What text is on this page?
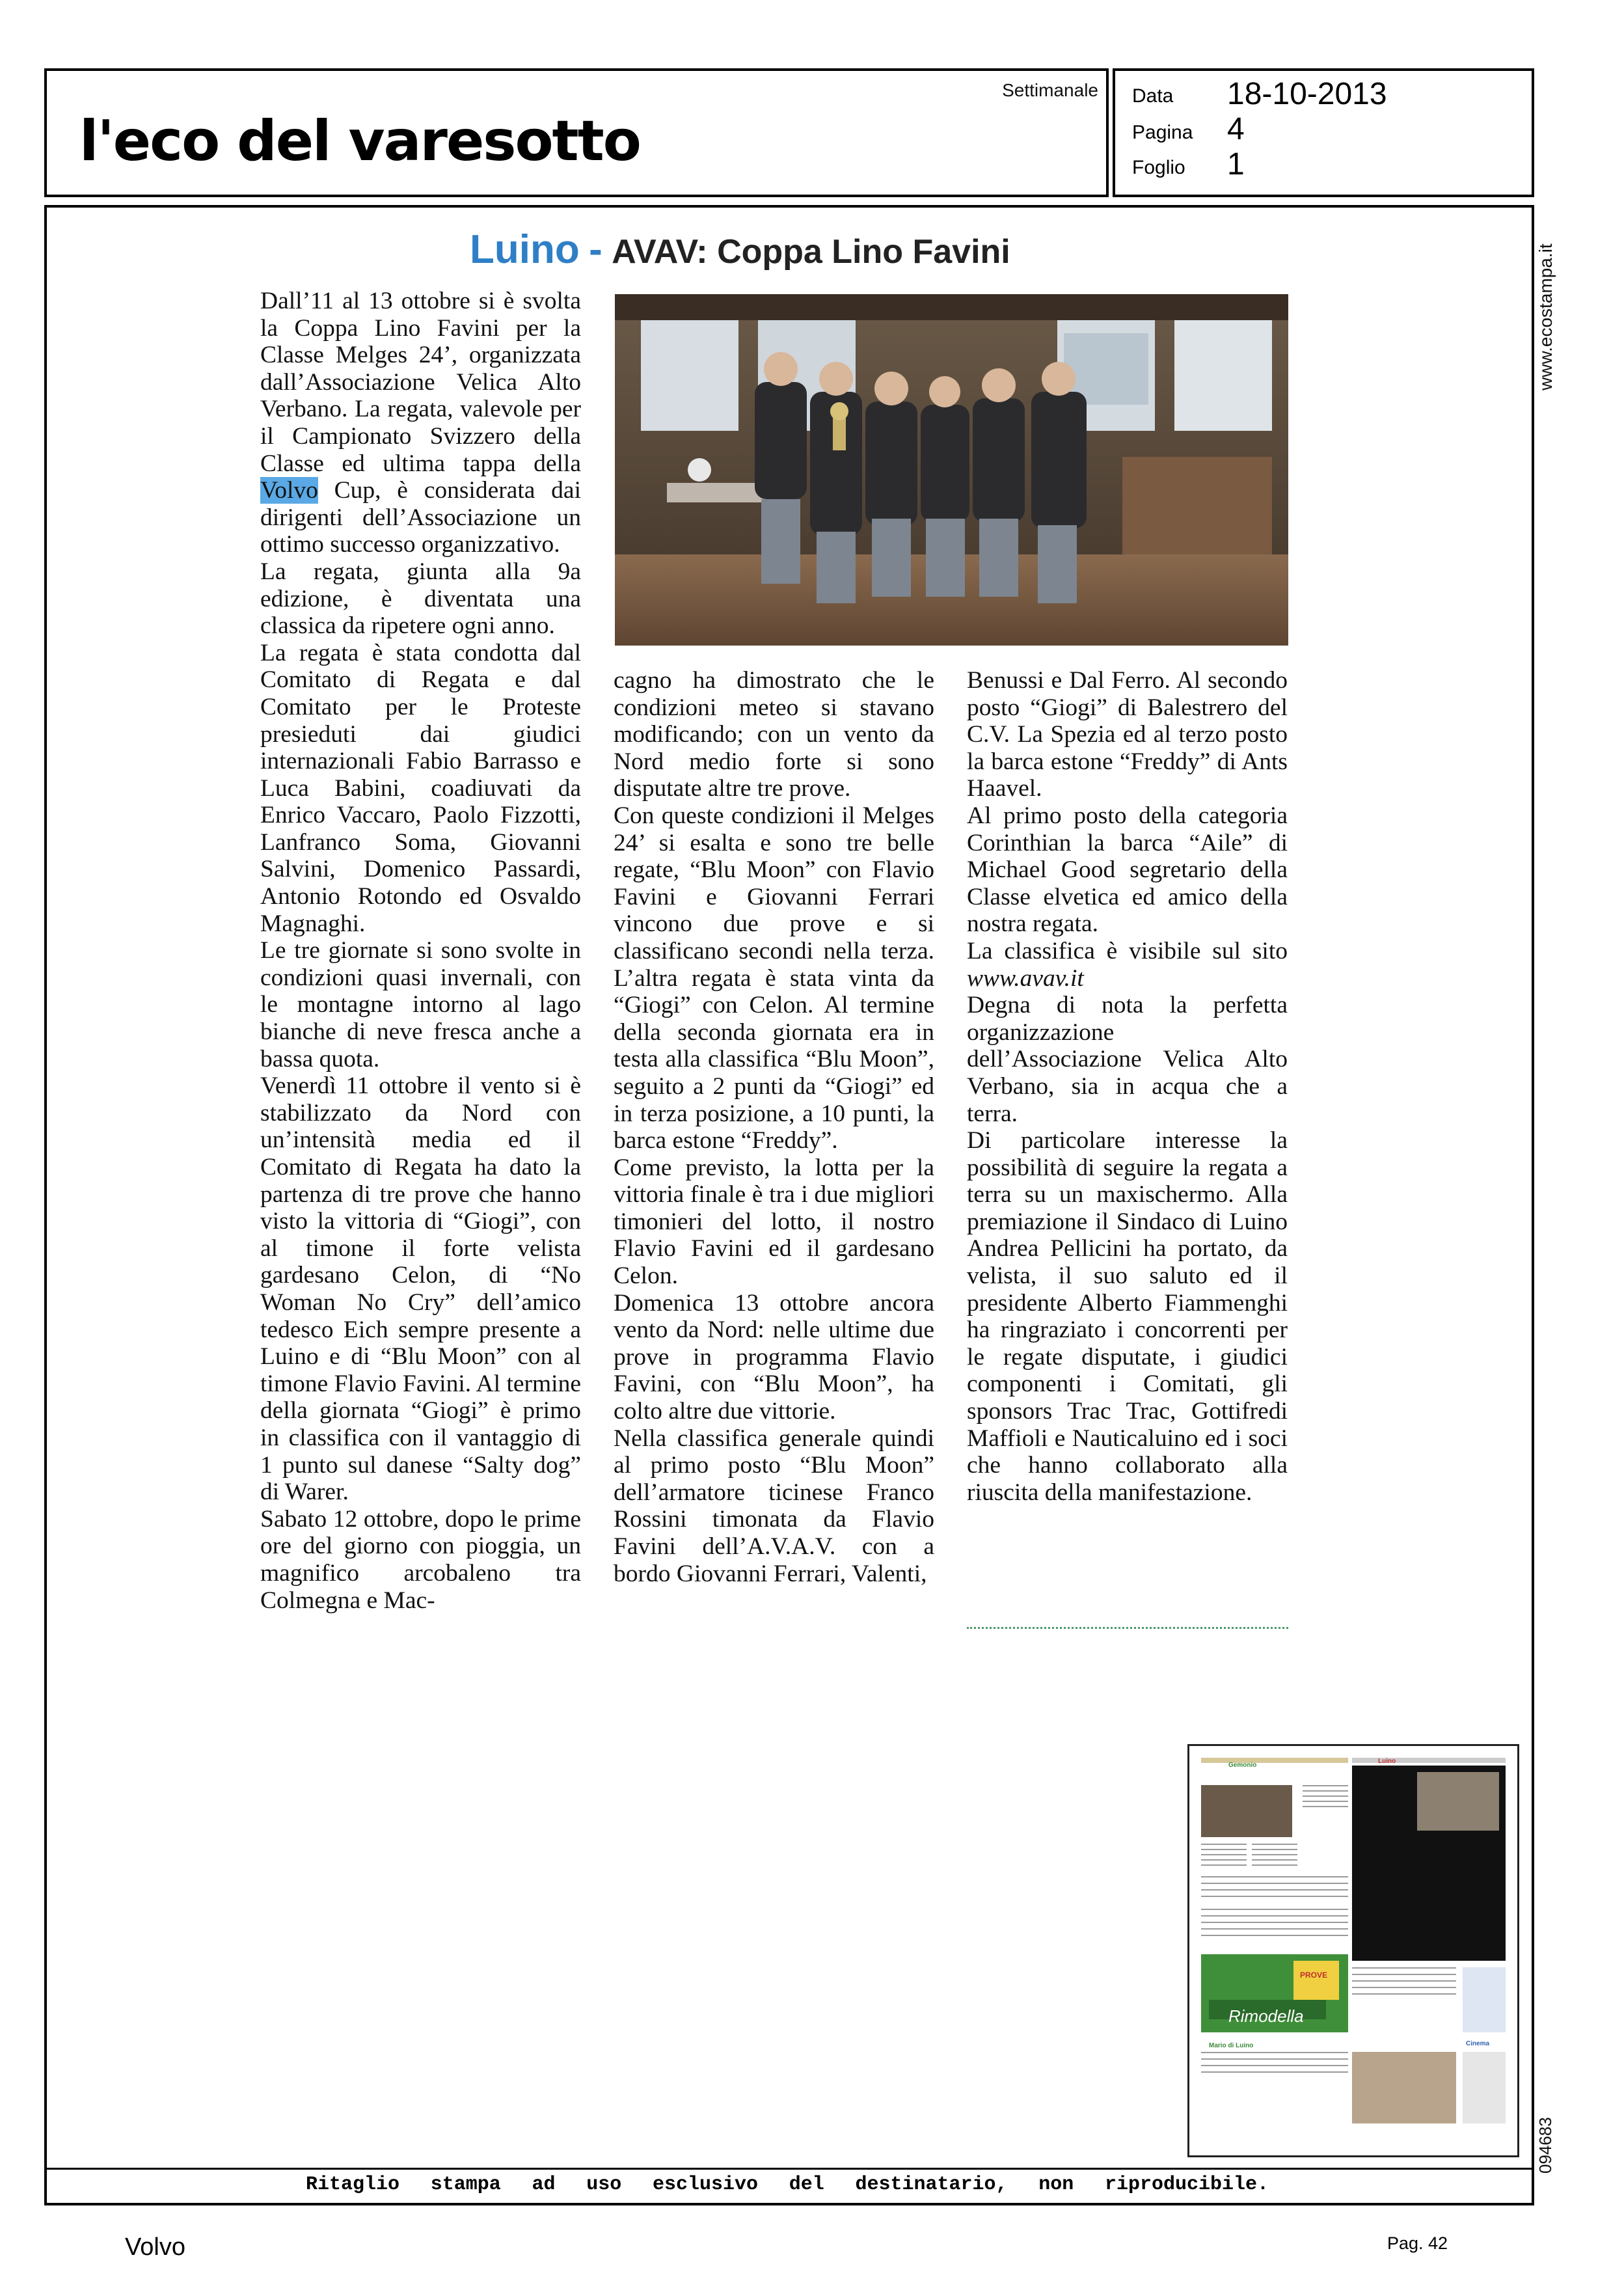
l'eco del varesotto
Settimanale Data 18-10-2013
Pagina 4
Foglio 1
www.ecostampa.it
094683
Luino - AVAV: Coppa Lino Favini

Dall’11 al 13 ottobre si è svolta la Coppa Lino Favini per la Classe Melges 24’, organizzata dall’Associazione Velica Alto Verbano. La regata, valevole per il Campionato Svizzero della Classe ed ultima tappa della Volvo Cup, è considerata dai dirigenti dell’Associazione un ottimo successo organizzativo.

La regata, giunta alla 9a edizione, è diventata una classica da ripetere ogni anno.

La regata è stata condotta dal Comitato di Regata e dal Comitato per le Proteste presieduti dai giudici internazionali Fabio Barrasso e Luca Babini, coadiuvati da Enrico Vaccaro, Paolo Fizzotti, Lanfranco Soma, Giovanni Salvini, Domenico Passardi, Antonio Rotondo ed Osvaldo Magnaghi.

Le tre giornate si sono svolte in condizioni quasi invernali, con le montagne intorno al lago bianche di neve fresca anche a bassa quota.

Venerdì 11 ottobre il vento si è stabilizzato da Nord con un’intensità media ed il Comitato di Regata ha dato la partenza di tre prove che hanno visto la vittoria di “Giogi”, con al timone il forte velista gardesano Celon, di “No Woman No Cry” dell’amico tedesco Eich sempre presente a Luino e di “Blu Moon” con al timone Flavio Favini. Al termine della giornata “Giogi” è primo in classifica con il vantaggio di 1 punto sul danese “Salty dog” di Warer.

Sabato 12 ottobre, dopo le prime ore del giorno con pioggia, un magnifico arcobaleno tra Colmegna e Mac-

cagno ha dimostrato che le condizioni meteo si stavano modificando; con un vento da Nord medio forte si sono disputate altre tre prove.

Con queste condizioni il Melges 24’ si esalta e sono tre belle regate, “Blu Moon” con Flavio Favini e Giovanni Ferrari vincono due prove e si classificano secondi nella terza. L’altra regata è stata vinta da “Giogi” con Celon. Al termine della seconda giornata era in testa alla classifica “Blu Moon”, seguito a 2 punti da “Giogi” ed in terza posizione, a 10 punti, la barca estone “Freddy”.

Come previsto, la lotta per la vittoria finale è tra i due migliori timonieri del lotto, il nostro Flavio Favini ed il gardesano Celon.

Domenica 13 ottobre ancora vento da Nord: nelle ultime due prove in programma Flavio Favini, con “Blu Moon”, ha colto altre due vittorie.

Nella classifica generale quindi al primo posto “Blu Moon” dell’armatore ticinese Franco Rossini timonata da Flavio Favini dell’A.V.A.V. con a bordo Giovanni Ferrari, Valenti,

Benussi e Dal Ferro. Al secondo posto “Giogi” di Balestrero del C.V. La Spezia ed al terzo posto la barca estone “Freddy” di Ants Haavel.

Al primo posto della categoria Corinthian la barca “Aile” di Michael Good segretario della Classe elvetica ed amico della nostra regata.

La classifica è visibile sul sito www.avav.it

Degna di nota la perfetta organizzazione dell’Associazione Velica Alto Verbano, sia in acqua che a terra.

Di particolare interesse la possibilità di seguire la regata a terra su un maxischermo. Alla premiazione il Sindaco di Luino Andrea Pellicini ha portato, da velista, il suo saluto ed il presidente Alberto Fiammenghi ha ringraziato i concorrenti per le regate disputate, i giudici componenti i Comitati, gli sponsors Trac Trac, Gottifredi Maffioli e Nauticaluino ed i soci che hanno collaborato alla riuscita della manifestazione.

Gemonio
Luino
Rimodella
PROVE
Mario di Luino	Cinema
Ritaglio stampa ad uso esclusivo del destinatario, non riproducibile.
Volvo	Pag. 42
